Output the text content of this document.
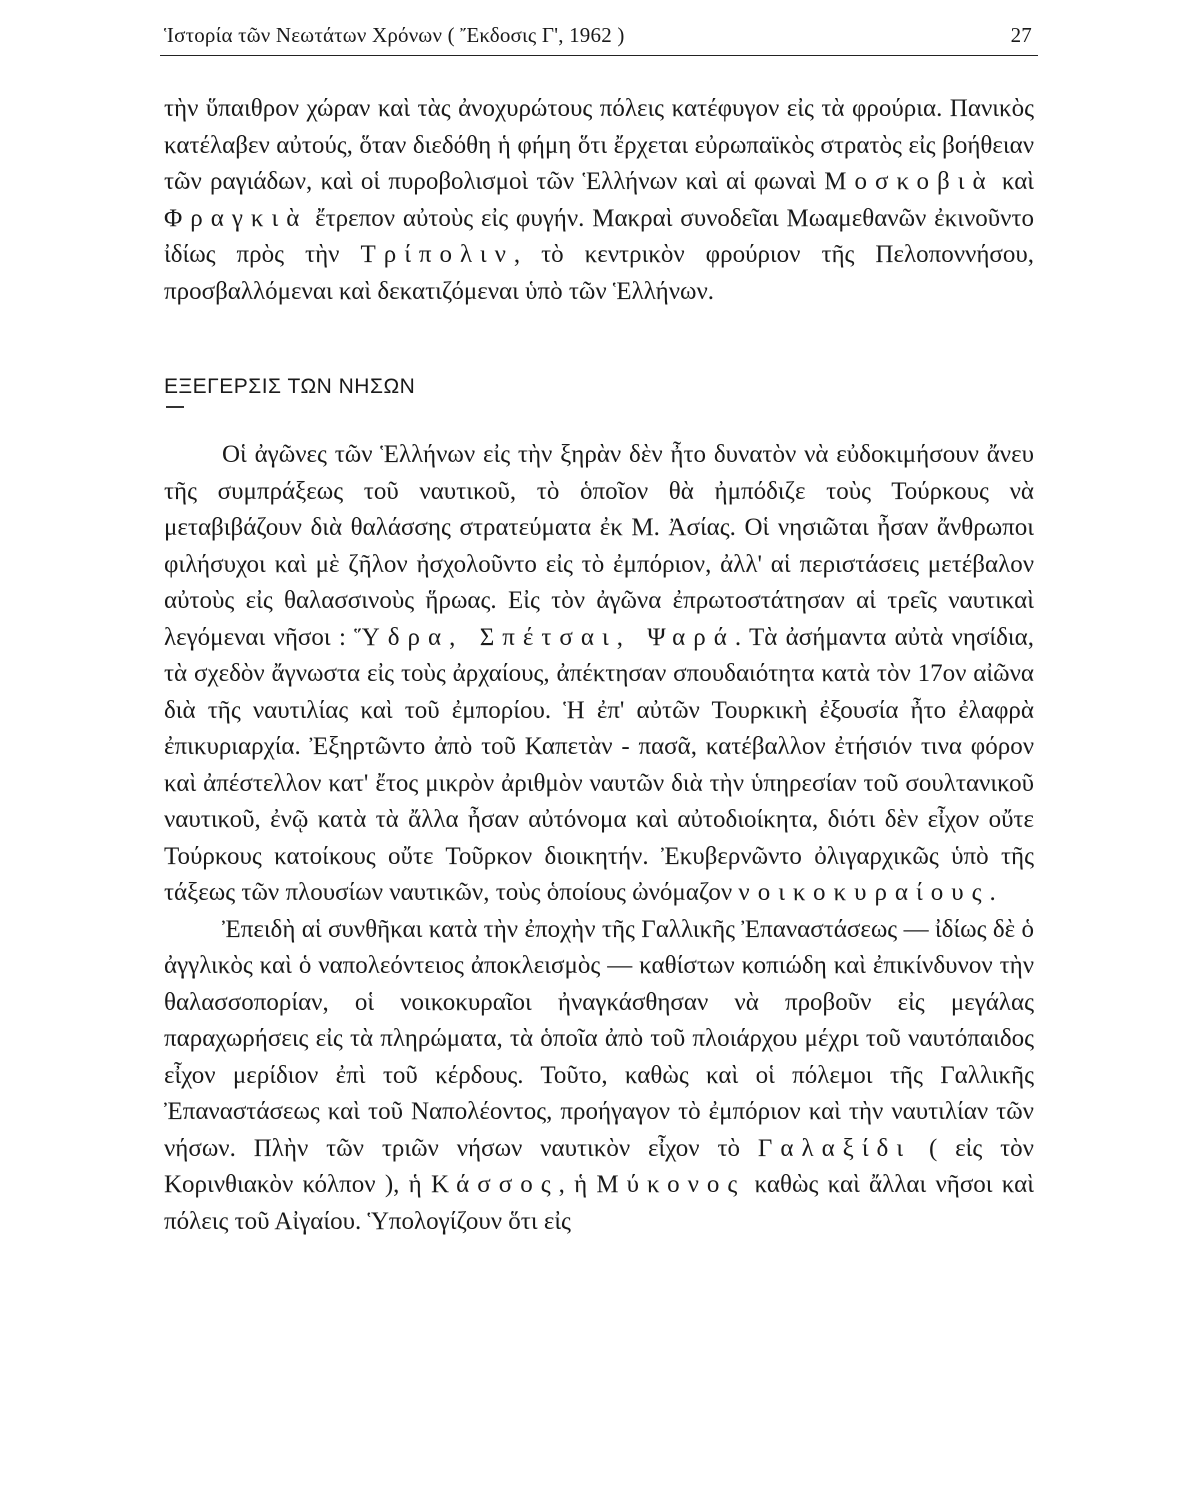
Ἱστορία τῶν Νεωτάτων Χρόνων ( Ἔκδοσις Γ', 1962 )	27

τὴν ὕπαιθρον χώραν καὶ τὰς ἀνοχυρώτους πόλεις κατέφυγον εἰς τὰ φρούρια. Πανικὸς κατέλαβεν αὐτούς, ὅταν διεδόθη ἡ φήμη ὅτι ἔρχεται εὐρωπαϊκὸς στρατὸς εἰς βοήθειαν τῶν ραγιάδων, καὶ οἱ πυροβολισμοὶ τῶν Ἑλλήνων καὶ αἱ φωναὶ Μοσκοβιὰ καὶ Φραγκιὰ ἔτρεπον αὐτοὺς εἰς φυγήν. Μακραὶ συνοδεῖαι Μωαμεθανῶν ἐκινοῦντο ἰδίως πρὸς τὴν Τρίπολιν, τὸ κεντρικὸν φρούριον τῆς Πελοποννήσου, προσβαλλόμεναι καὶ δεκατιζόμεναι ὑπὸ τῶν Ἑλλήνων.

ΕΞΕΓΕΡΣΙΣ ΤΩΝ ΝΗΣΩΝ

Οἱ ἀγῶνες τῶν Ἑλλήνων εἰς τὴν ξηρὰν δὲν ἦτο δυνατὸν νὰ εὐδοκιμήσουν ἄνευ τῆς συμπράξεως τοῦ ναυτικοῦ, τὸ ὁποῖον θὰ ἠμπόδιζε τοὺς Τούρκους νὰ μεταβιβάζουν διὰ θαλάσσης στρατεύματα ἐκ Μ. Ἀσίας. Οἱ νησιῶται ἦσαν ἄνθρωποι φιλήσυχοι καὶ μὲ ζῆλον ἠσχολοῦντο εἰς τὸ ἐμπόριον, ἀλλ' αἱ περιστάσεις μετέβαλον αὐτοὺς εἰς θαλασσινοὺς ἥρωας. Εἰς τὸν ἀγῶνα ἐπρωτοστάτησαν αἱ τρεῖς ναυτικαὶ λεγόμεναι νῆσοι : Ὕδρα, Σπέτσαι, Ψαρά. Τὰ ἀσήμαντα αὐτὰ νησίδια, τὰ σχεδὸν ἄγνωστα εἰς τοὺς ἀρχαίους, ἀπέκτησαν σπουδαιότητα κατὰ τὸν 17ον αἰῶνα διὰ τῆς ναυτιλίας καὶ τοῦ ἐμπορίου. Ἡ ἐπ' αὐτῶν Τουρκικὴ ἐξουσία ἦτο ἐλαφρὰ ἐπικυριαρχία. Ἐξηρτῶντο ἀπὸ τοῦ Καπετὰν - πασᾶ, κατέβαλλον ἐτήσιόν τινα φόρον καὶ ἀπέστελλον κατ' ἔτος μικρὸν ἀριθμὸν ναυτῶν διὰ τὴν ὑπηρεσίαν τοῦ σουλτανικοῦ ναυτικοῦ, ἐνῷ κατὰ τὰ ἄλλα ἦσαν αὐτόνομα καὶ αὐτοδιοίκητα, διότι δὲν εἶχον οὔτε Τούρκους κατοίκους οὔτε Τοῦρκον διοικητήν. Ἐκυβερνῶντο ὀλιγαρχικῶς ὑπὸ τῆς τάξεως τῶν πλουσίων ναυτικῶν, τοὺς ὁποίους ὠνόμαζον νοικοκυραίους.

Ἐπειδὴ αἱ συνθῆκαι κατὰ τὴν ἐποχὴν τῆς Γαλλικῆς Ἐπαναστάσεως — ἰδίως δὲ ὁ ἀγγλικὸς καὶ ὁ ναπολεόντειος ἀποκλεισμὸς — καθίστων κοπιώδη καὶ ἐπικίνδυνον τὴν θαλασσοπορίαν, οἱ νοικοκυραῖοι ἠναγκάσθησαν νὰ προβοῦν εἰς μεγάλας παραχωρήσεις εἰς τὰ πληρώματα, τὰ ὁποῖα ἀπὸ τοῦ πλοιάρχου μέχρι τοῦ ναυτόπαιδος εἶχον μερίδιον ἐπὶ τοῦ κέρδους. Τοῦτο, καθὼς καὶ οἱ πόλεμοι τῆς Γαλλικῆς Ἐπαναστάσεως καὶ τοῦ Ναπολέοντος, προήγαγον τὸ ἐμπόριον καὶ τὴν ναυτιλίαν τῶν νήσων. Πλὴν τῶν τριῶν νήσων ναυτικὸν εἶχον τὸ Γαλαξίδι ( εἰς τὸν Κορινθιακὸν κόλπον ), ἡ Κάσσος, ἡ Μύκονος καθὼς καὶ ἄλλαι νῆσοι καὶ πόλεις τοῦ Αἰγαίου. Ὑπολογίζουν ὅτι εἰς
